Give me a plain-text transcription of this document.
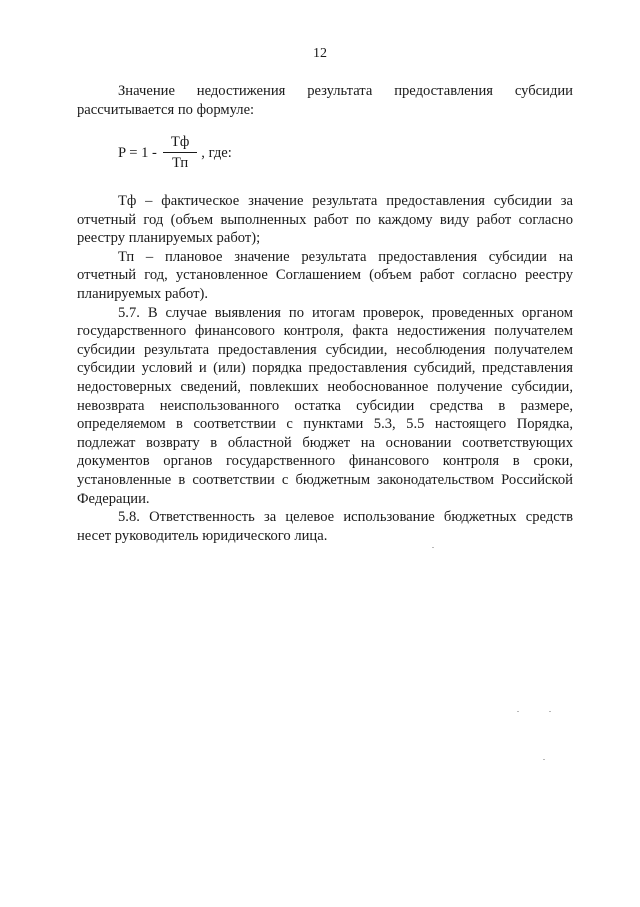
12

Значение недостижения результата предоставления субсидии рассчитывается по формуле:

$P = 1 - \frac{Тф}{Тп}$ , где:

Тф – фактическое значение результата предоставления субсидии за отчетный год (объем выполненных работ по каждому виду работ согласно реестру планируемых работ);

Тп – плановое значение результата предоставления субсидии на отчетный год, установленное Соглашением (объем работ согласно реестру планируемых работ).

5.7. В случае выявления по итогам проверок, проведенных органом государственного финансового контроля, факта недостижения получателем субсидии результата предоставления субсидии, несоблюдения получателем субсидии условий и (или) порядка предоставления субсидий, представления недостоверных сведений, повлекших необоснованное получение субсидии, невозврата неиспользованного остатка субсидии средства в размере, определяемом в соответствии с пунктами 5.3, 5.5 настоящего Порядка, подлежат возврату в областной бюджет на основании соответствующих документов органов государственного финансового контроля в сроки, установленные в соответствии с бюджетным законодательством Российской Федерации.

5.8. Ответственность за целевое использование бюджетных средств несет руководитель юридического лица.
